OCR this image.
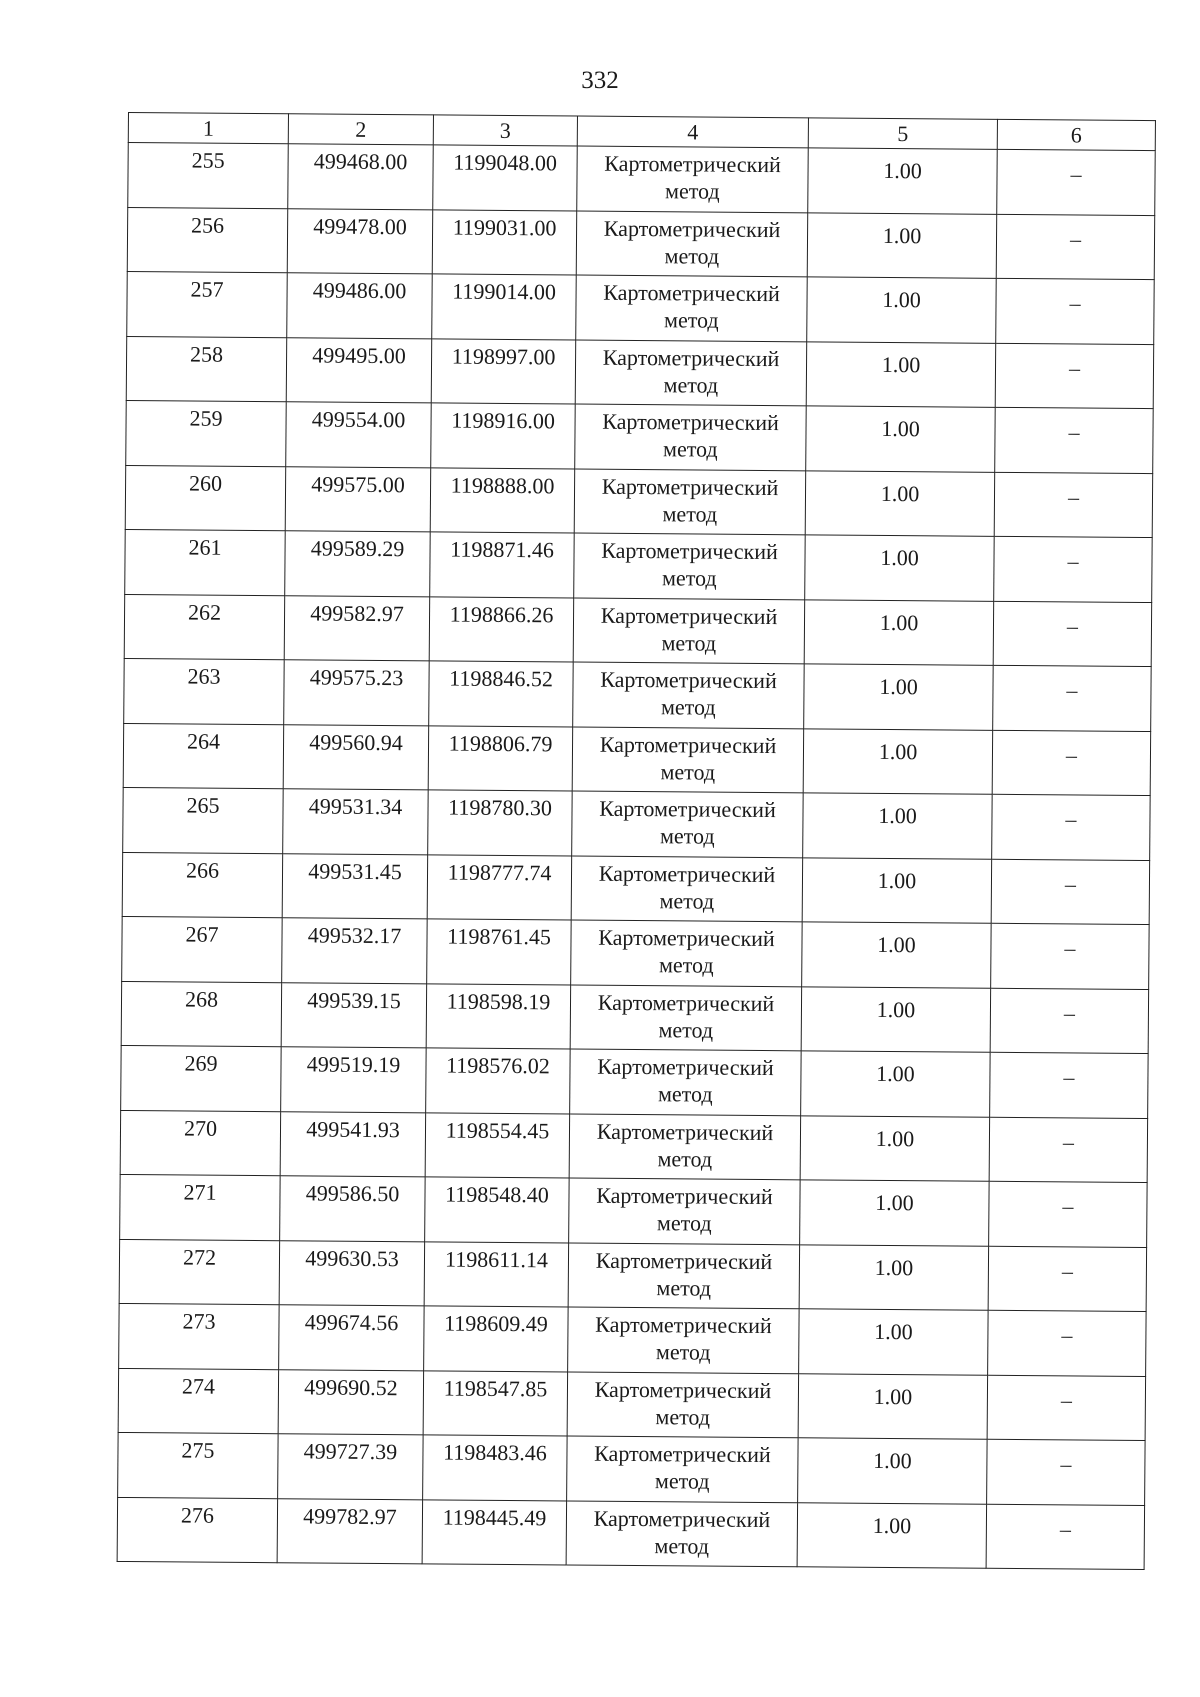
332
1	2	3	4	5	6
255	499468.00	1199048.00	Картометрический метод	1.00	–
256	499478.00	1199031.00	Картометрический метод	1.00	–
257	499486.00	1199014.00	Картометрический метод	1.00	–
258	499495.00	1198997.00	Картометрический метод	1.00	–
259	499554.00	1198916.00	Картометрический метод	1.00	–
260	499575.00	1198888.00	Картометрический метод	1.00	–
261	499589.29	1198871.46	Картометрический метод	1.00	–
262	499582.97	1198866.26	Картометрический метод	1.00	–
263	499575.23	1198846.52	Картометрический метод	1.00	–
264	499560.94	1198806.79	Картометрический метод	1.00	–
265	499531.34	1198780.30	Картометрический метод	1.00	–
266	499531.45	1198777.74	Картометрический метод	1.00	–
267	499532.17	1198761.45	Картометрический метод	1.00	–
268	499539.15	1198598.19	Картометрический метод	1.00	–
269	499519.19	1198576.02	Картометрический метод	1.00	–
270	499541.93	1198554.45	Картометрический метод	1.00	–
271	499586.50	1198548.40	Картометрический метод	1.00	–
272	499630.53	1198611.14	Картометрический метод	1.00	–
273	499674.56	1198609.49	Картометрический метод	1.00	–
274	499690.52	1198547.85	Картометрический метод	1.00	–
275	499727.39	1198483.46	Картометрический метод	1.00	–
276	499782.97	1198445.49	Картометрический метод	1.00	–
